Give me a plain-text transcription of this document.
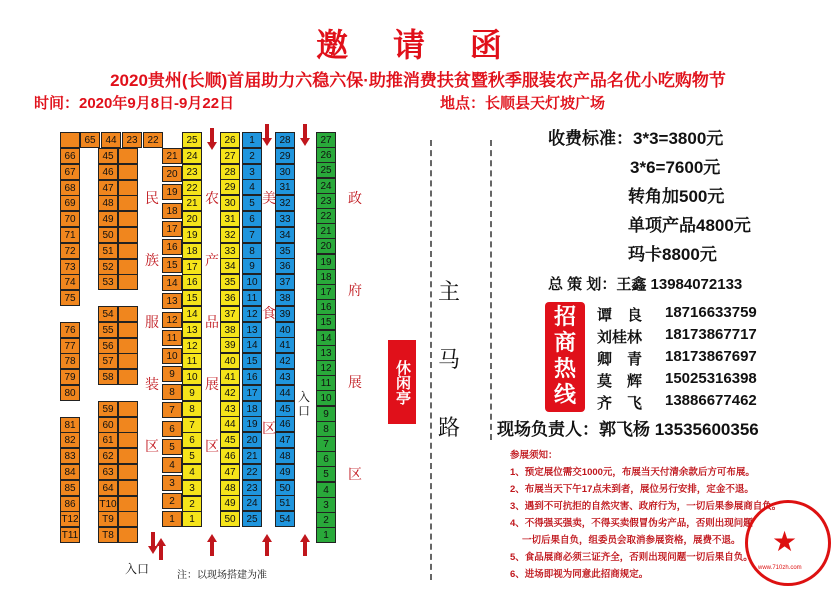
邀 请 函
2020贵州(长顺)首届助力六稳六保·助推消费扶贫暨秋季服装农产品名优小吃购物节
时间：2020年9月8日-9月22日	地点：长顺县天灯坡广场
65 44 23 22
66
67
68
69
70
71
72
73
74
75
76
77
78
79
80
81
82
83
84
85
86
T12
T11
45
46
47
48
49
50
51
52
53
54
55
56
57
58
59
60
61
62
63
64
T10
T9
T8
25
21
20
19
18
17
16
15
14
13
12
11
10
9
8
7
6
5
4
3
2
1
24
23
22
21
20
19
18
17
16
15
14
13
12
11
10
9
8
7
6
5
4
3
2
1
26
27
28
29
30
31
32
33
34
35
36
37
38
39
40
41
42
43
44
45
46
47
48
49
50
1
2
3
4
5
6
7
8
9
10
11
12
13
14
15
16
17
18
19
20
21
22
23
24
25
28
29
30
31
32
33
34
35
36
37
38
39
40
41
42
43
44
45
46
47
48
49
50
51
54
27
26
25
24
23
22
21
20
19
18
17
16
15
14
13
12
11
10
9
8
7
6
5
4
3
2
1
民
族
服
装
区
农
产
品
展
区
美
食
区
政
府
展
区
休闲亭
主
马
路
收费标准：3*3=3800元
3*6=7600元
转角加500元
单项产品4800元
玛卡8800元
总 策 划：王鑫 13984072133
招
商
热
线
谭　良 18716633759
刘桂林 18173867717
卿　青 18173867697
莫　辉 15025316398
齐　飞 13886677462
现场负责人：郭飞杨 13535600356
参展须知：
1、预定展位需交1000元，布展当天付清余款后方可布展。
2、布展当天下午17点未到者，展位另行安排，定金不退。
3、遇到不可抗拒的自然灾害、政府行为，一切后果参展商自负。
4、不得强买强卖，不得买卖假冒伪劣产品，否则出现问题
一切后果自负，组委员会取消参展资格，展费不退。
5、食品展商必须三证齐全，否则出现问题一切后果自负。
6、进场即视为同意此招商规定。
★
www.710zh.com
入口	注：以现场搭建为准
入口
